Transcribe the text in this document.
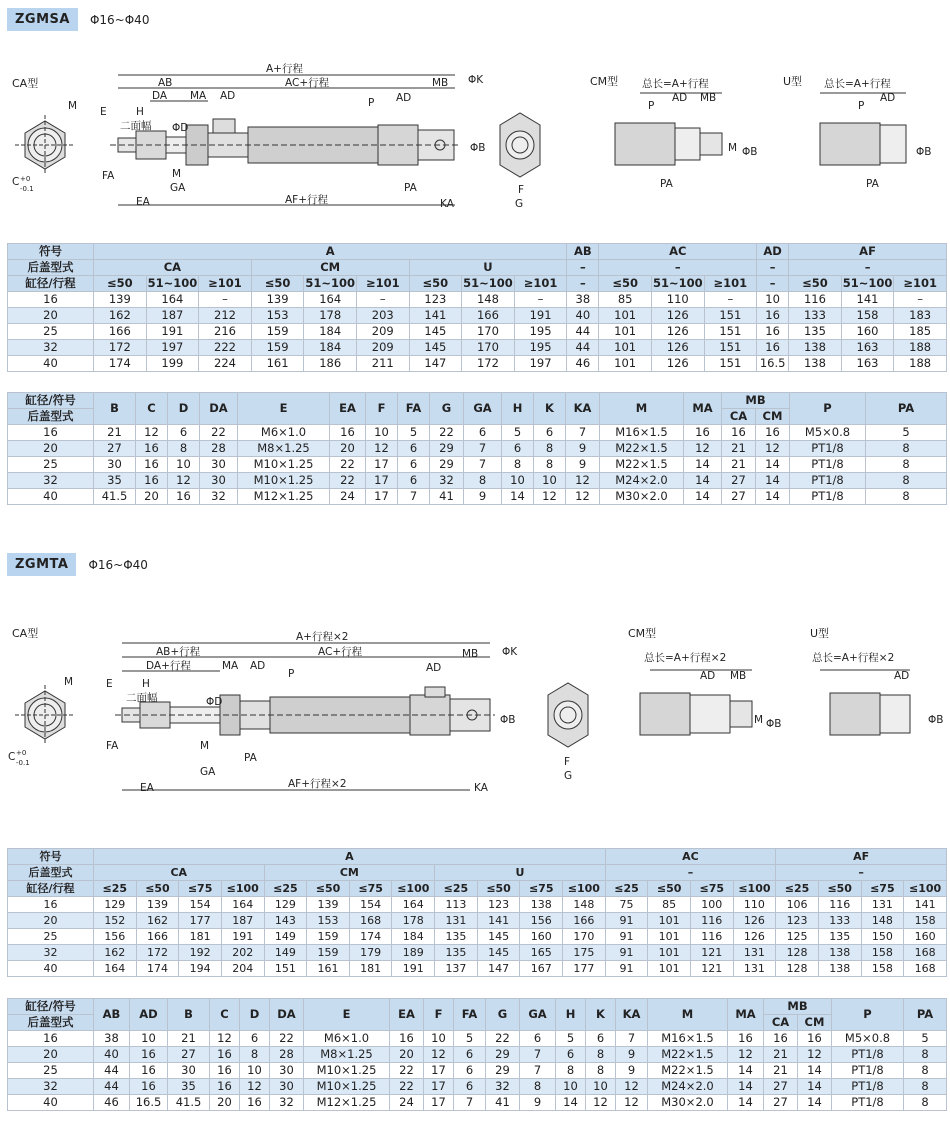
ZGMSA	Φ16~Φ40
CA型
A+行程
AB	AC+行程	MB ΦK
DA MA AD
P AD
M E	H
二面幅 ΦD
ΦB
FA	M
GA	PA
EA	AF+行程	KA
F
G
C +0
-0.1
CM型 总长=A+行程
AD MB
P
M ΦB
PA
U型 总长=A+行程
AD
P
ΦB
PA
符号	A									AB	AC			AD	AF		
后盖型式	CA			CM			U			–	–			–	–		
缸径/行程	≤50	51~100	≥101	≤50	51~100	≥101	≤50	51~100	≥101	–	≤50	51~100	≥101	–	≤50	51~100	≥101
16	139	164	–	139	164	–	123	148	–	38	85	110	–	10	116	141	–
20	162	187	212	153	178	203	141	166	191	40	101	126	151	16	133	158	183
25	166	191	216	159	184	209	145	170	195	44	101	126	151	16	135	160	185
32	172	197	222	159	184	209	145	170	195	44	101	126	151	16	138	163	188
40	174	199	224	161	186	211	147	172	197	46	101	126	151	16.5	138	163	188
缸径/符号	B	C	D	DA	E	EA	F	FA	G	GA	H	K	KA	M	MA	MB		P	PA
后盖型式																CA	CM		
16	21	12	6	22	M6×1.0	16	10	5	22	6	5	6	7	M16×1.5	16	16	16	M5×0.8	5
20	27	16	8	28	M8×1.25	20	12	6	29	7	6	8	9	M22×1.5	12	21	12	PT1/8	8
25	30	16	10	30	M10×1.25	22	17	6	29	7	8	8	9	M22×1.5	14	21	14	PT1/8	8
32	35	16	12	30	M10×1.25	22	17	6	32	8	10	10	12	M24×2.0	14	27	14	PT1/8	8
40	41.5	20	16	32	M12×1.25	24	17	7	41	9	14	12	12	M30×2.0	14	27	14	PT1/8	8
ZGMTA	Φ16~Φ40
CA型	A+行程×2
AB+行程	AC+行程	MB ΦK
DA+行程	MA AD
P	AD
M	E	H
二面幅	ΦD
ΦB
FA	M
GA
PA
EA	AF+行程×2	KA
F
G
C +0
-0.1
CM型
总长=A+行程×2
AD MB
M ΦB
U型
总长=A+行程×2
AD
ΦB
符号	A												AC				AF			
后盖型式	CA				CM				U				–				–			
缸径/行程	≤25	≤50	≤75	≤100	≤25	≤50	≤75	≤100	≤25	≤50	≤75	≤100	≤25	≤50	≤75	≤100	≤25	≤50	≤75	≤100
16	129	139	154	164	129	139	154	164	113	123	138	148	75	85	100	110	106	116	131	141
20	152	162	177	187	143	153	168	178	131	141	156	166	91	101	116	126	123	133	148	158
25	156	166	181	191	149	159	174	184	135	145	160	170	91	101	116	126	125	135	150	160
32	162	172	192	202	149	159	179	189	135	145	165	175	91	101	121	131	128	138	158	168
40	164	174	194	204	151	161	181	191	137	147	167	177	91	101	121	131	128	138	158	168
缸径/符号	AB	AD	B	C	D	DA	E	EA	F	FA	G	GA	H	K	KA	M	MA	MB		P	PA
后盖型式																		CA	CM		
16	38	10	21	12	6	22	M6×1.0	16	10	5	22	6	5	6	7	M16×1.5	16	16	16	M5×0.8	5
20	40	16	27	16	8	28	M8×1.25	20	12	6	29	7	6	8	9	M22×1.5	12	21	12	PT1/8	8
25	44	16	30	16	10	30	M10×1.25	22	17	6	29	7	8	8	9	M22×1.5	14	21	14	PT1/8	8
32	44	16	35	16	12	30	M10×1.25	22	17	6	32	8	10	10	12	M24×2.0	14	27	14	PT1/8	8
40	46	16.5	41.5	20	16	32	M12×1.25	24	17	7	41	9	14	12	12	M30×2.0	14	27	14	PT1/8	8
